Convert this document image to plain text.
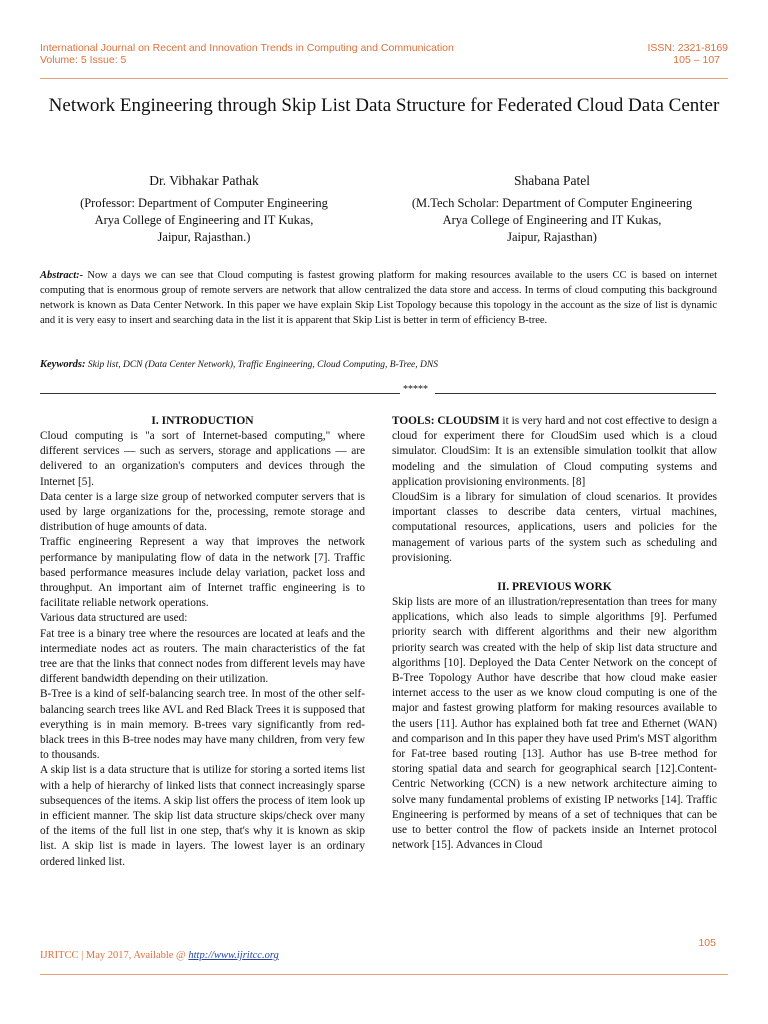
International Journal on Recent and Innovation Trends in Computing and Communication
Volume: 5 Issue: 5
ISSN: 2321-8169
105 – 107
Network Engineering through Skip List Data Structure for Federated Cloud Data Center
Dr. Vibhakar Pathak
(Professor: Department of Computer Engineering
Arya College of Engineering and IT Kukas,
Jaipur, Rajasthan.)
Shabana Patel
(M.Tech Scholar: Department of Computer Engineering
Arya College of Engineering and IT Kukas,
Jaipur, Rajasthan)
Abstract:- Now a days we can see that Cloud computing is fastest growing platform for making resources available to the users CC is based on internet computing that is enormous group of remote servers are network that allow centralized the data store and access. In terms of cloud computing this background network is known as Data Center Network. In this paper we have explain Skip List Topology because this topology in the account as the size of list is dynamic and it is very easy to insert and searching data in the list it is apparent that Skip List is better in term of efficiency B-tree.
Keywords: Skip list, DCN (Data Center Network), Traffic Engineering, Cloud Computing, B-Tree, DNS
*****
I. INTRODUCTION

Cloud computing is "a sort of Internet-based computing," where different services — such as servers, storage and applications — are delivered to an organization's computers and devices through the Internet [5].

Data center is a large size group of networked computer servers that is used by large organizations for the, processing, remote storage and distribution of huge amounts of data.

Traffic engineering Represent a way that improves the network performance by manipulating flow of data in the network [7]. Traffic based performance measures include delay variation, packet loss and throughput. An important aim of Internet traffic engineering is to facilitate reliable network operations.

Various data structured are used:

Fat tree is a binary tree where the resources are located at leafs and the intermediate nodes act as routers. The main characteristics of the fat tree are that the links that connect nodes from different levels may have different bandwidth depending on their utilization.

B-Tree is a kind of self-balancing search tree. In most of the other self-balancing search trees like AVL and Red Black Trees it is supposed that everything is in main memory. B-trees vary significantly from red-black trees in this B-tree nodes may have many children, from very few to thousands.

A skip list is a data structure that is utilize for storing a sorted items list with a help of hierarchy of linked lists that connect increasingly sparse subsequences of the items. A skip list offers the process of item look up in efficient manner. The skip list data structure skips/check over many of the items of the full list in one step, that's why it is known as skip list. A skip list is made in layers. The lowest layer is an ordinary ordered linked list.

TOOLS: CLOUDSIM it is very hard and not cost effective to design a cloud for experiment there for CloudSim used which is a cloud simulator. CloudSim: It is an extensible simulation toolkit that allow modeling and the simulation of Cloud computing systems and application provisioning environments. [8]

CloudSim is a library for simulation of cloud scenarios. It provides important classes to describe data centers, virtual machines, computational resources, applications, users and policies for the management of various parts of the system such as scheduling and provisioning.

II. PREVIOUS WORK

Skip lists are more of an illustration/representation than trees for many applications, which also leads to simple algorithms [9]. Perfumed priority search with different algorithms and their new algorithm priority search was created with the help of skip list data structure and algorithms [10]. Deployed the Data Center Network on the concept of B-Tree Topology Author have describe that how cloud make easier internet access to the user as we know cloud computing is one of the major and fastest growing platform for making resources available to the users [11]. Author has explained both fat tree and Ethernet (WAN) and comparison and In this paper they have used Prim's MST algorithm for Fat-tree based routing [13]. Author has use B-tree method for storing spatial data and search for geographical search [12].Content-Centric Networking (CCN) is a new network architecture aiming to solve many fundamental problems of existing IP networks [14]. Traffic Engineering is performed by means of a set of techniques that can be use to better control the flow of packets inside an Internet protocol network [15]. Advances in Cloud

105
IJRITCC | May 2017, Available @ http://www.ijritcc.org
